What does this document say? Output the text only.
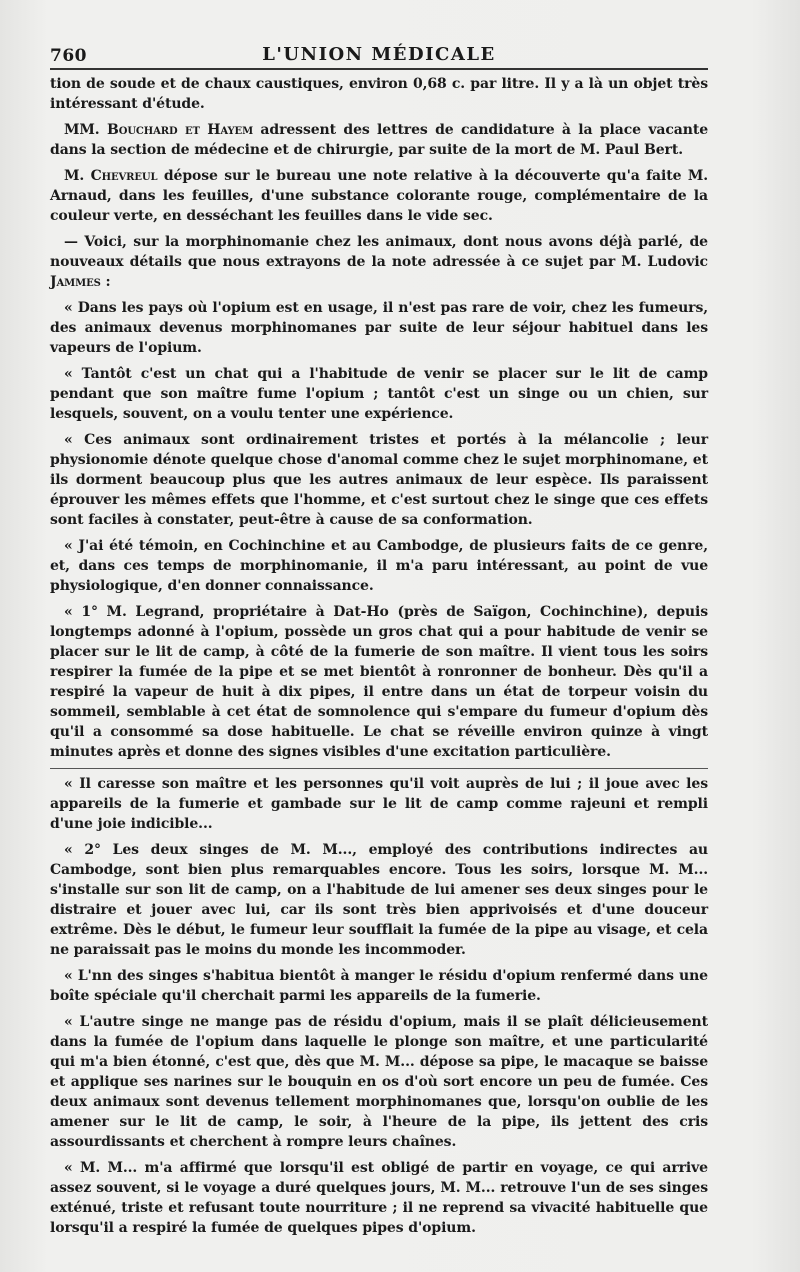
760	L'UNION MÉDICALE

tion de soude et de chaux caustiques, environ 0,68 c. par litre. Il y a là un objet très intéressant d'étude.

MM. Bouchard et Hayem adressent des lettres de candidature à la place vacante dans la section de médecine et de chirurgie, par suite de la mort de M. Paul Bert.

M. Chevreul dépose sur le bureau une note relative à la découverte qu'a faite M. Arnaud, dans les feuilles, d'une substance colorante rouge, complémentaire de la couleur verte, en desséchant les feuilles dans le vide sec.

— Voici, sur la morphinomanie chez les animaux, dont nous avons déjà parlé, de nouveaux détails que nous extrayons de la note adressée à ce sujet par M. Ludovic Jammes :

« Dans les pays où l'opium est en usage, il n'est pas rare de voir, chez les fumeurs, des animaux devenus morphinomanes par suite de leur séjour habituel dans les vapeurs de l'opium.

« Tantôt c'est un chat qui a l'habitude de venir se placer sur le lit de camp pendant que son maître fume l'opium ; tantôt c'est un singe ou un chien, sur lesquels, souvent, on a voulu tenter une expérience.

« Ces animaux sont ordinairement tristes et portés à la mélancolie ; leur physionomie dénote quelque chose d'anomal comme chez le sujet morphinomane, et ils dorment beaucoup plus que les autres animaux de leur espèce. Ils paraissent éprouver les mêmes effets que l'homme, et c'est surtout chez le singe que ces effets sont faciles à constater, peut-être à cause de sa conformation.

« J'ai été témoin, en Cochinchine et au Cambodge, de plusieurs faits de ce genre, et, dans ces temps de morphinomanie, il m'a paru intéressant, au point de vue physiologique, d'en donner connaissance.

« 1° M. Legrand, propriétaire à Dat-Ho (près de Saïgon, Cochinchine), depuis longtemps adonné à l'opium, possède un gros chat qui a pour habitude de venir se placer sur le lit de camp, à côté de la fumerie de son maître. Il vient tous les soirs respirer la fumée de la pipe et se met bientôt à ronronner de bonheur. Dès qu'il a respiré la vapeur de huit à dix pipes, il entre dans un état de torpeur voisin du sommeil, semblable à cet état de somnolence qui s'empare du fumeur d'opium dès qu'il a consommé sa dose habituelle. Le chat se réveille environ quinze à vingt minutes après et donne des signes visibles d'une excitation particulière.

« Il caresse son maître et les personnes qu'il voit auprès de lui ; il joue avec les appareils de la fumerie et gambade sur le lit de camp comme rajeuni et rempli d'une joie indicible...

« 2° Les deux singes de M. M..., employé des contributions indirectes au Cambodge, sont bien plus remarquables encore. Tous les soirs, lorsque M. M... s'installe sur son lit de camp, on a l'habitude de lui amener ses deux singes pour le distraire et jouer avec lui, car ils sont très bien apprivoisés et d'une douceur extrême. Dès le début, le fumeur leur soufflait la fumée de la pipe au visage, et cela ne paraissait pas le moins du monde les incommoder.

« L'nn des singes s'habitua bientôt à manger le résidu d'opium renfermé dans une boîte spéciale qu'il cherchait parmi les appareils de la fumerie.

« L'autre singe ne mange pas de résidu d'opium, mais il se plaît délicieusement dans la fumée de l'opium dans laquelle le plonge son maître, et une particularité qui m'a bien étonné, c'est que, dès que M. M... dépose sa pipe, le macaque se baisse et applique ses narines sur le bouquin en os d'où sort encore un peu de fumée. Ces deux animaux sont devenus tellement morphinomanes que, lorsqu'on oublie de les amener sur le lit de camp, le soir, à l'heure de la pipe, ils jettent des cris assourdissants et cherchent à rompre leurs chaînes.

« M. M... m'a affirmé que lorsqu'il est obligé de partir en voyage, ce qui arrive assez souvent, si le voyage a duré quelques jours, M. M... retrouve l'un de ses singes exténué, triste et refusant toute nourriture ; il ne reprend sa vivacité habituelle que lorsqu'il a respiré la fumée de quelques pipes d'opium.
